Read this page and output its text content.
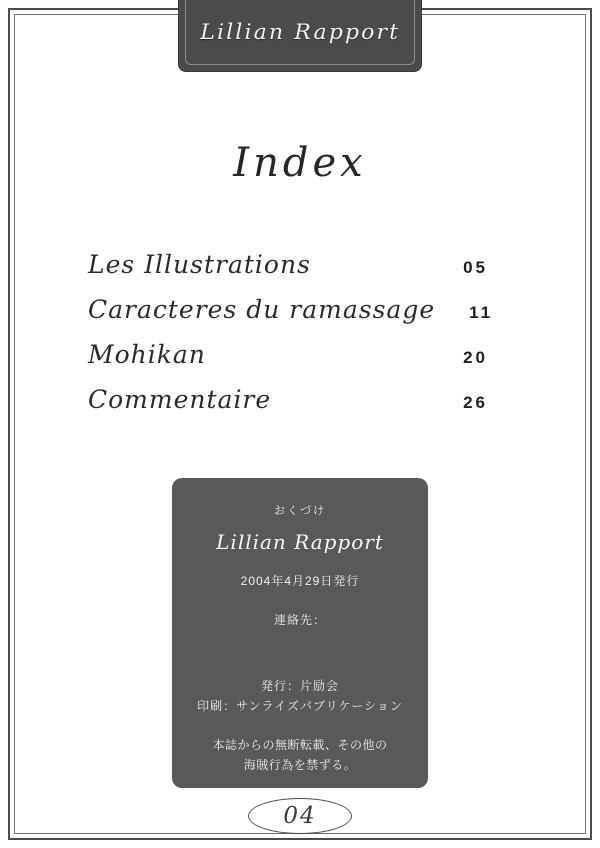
Lillian Rapport
Index
Les Illustrations	05
Caracteres du ramassage	11
Mohikan	20
Commentaire	26
おくづけ
Lillian Rapport
2004年4月29日発行
連絡先：
発行：片励会
印刷：サンライズパブリケーション
本誌からの無断転載、その他の
海賊行為を禁ずる。
04
